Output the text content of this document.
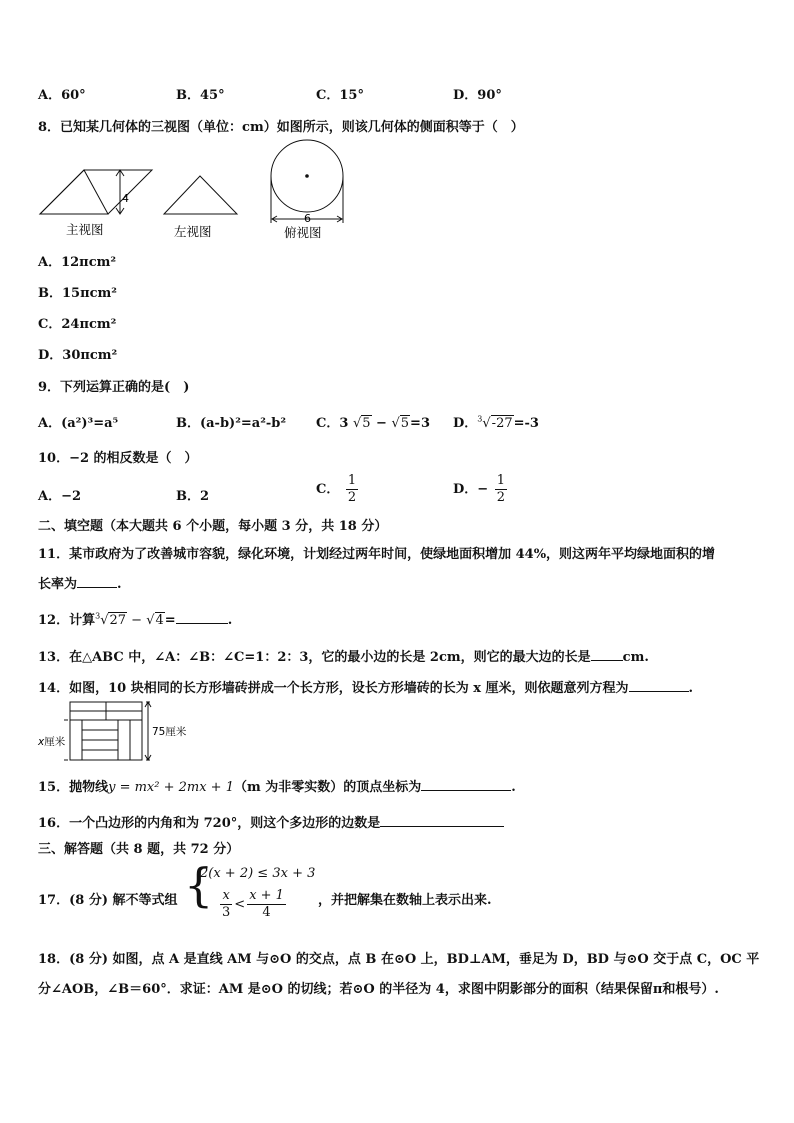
A．60°	B．45°	C．15°	D．90°
8．已知某几何体的三视图（单位：cm）如图所示，则该几何体的侧面积等于（　）
4
主视图	左视图
6
俯视图
A．12πcm²
B．15πcm²
C．24πcm²
D．30πcm²
9．下列运算正确的是(　)
A．(a²)³=a⁵	B．(a-b)²=a²-b² C．3 √5 − √5=3 D．$^3$√-27=-3
10．−2 的相反数是（　）
A．−2	B．2	C． $\frac{1}{2}$	D．− $\frac{1}{2}$
二、填空题（本大题共 6 个小题，每小题 3 分，共 18 分）
11．某市政府为了改善城市容貌，绿化环境，计划经过两年时间，使绿地面积增加 44%，则这两年平均绿地面积的增
长率为	.
12．计算$^3$√27 − √4=	.
13．在△ABC 中，∠A：∠B：∠C=1：2：3，它的最小边的长是 2cm，则它的最大边的长是 cm.
14．如图，10 块相同的长方形墙砖拼成一个长方形，设长方形墙砖的长为 x 厘米，则依题意列方程为	.
75厘米
x厘米
15．抛物线y = mx² + 2mx + 1（m 为非零实数）的顶点坐标为	.
16．一个凸边形的内角和为 720°，则这个多边形的边数是
三、解答题（共 8 题，共 72 分）
17．(8 分) 解不等式组 {
2(x + 2) ≤ 3x + 3
$\frac{x}{3} < \frac{x + 1}{4}$ ，并把解集在数轴上表示出来.
18．(8 分) 如图，点 A 是直线 AM 与⊙O 的交点，点 B 在⊙O 上，BD⊥AM，垂足为 D，BD 与⊙O 交于点 C，OC 平
分∠AOB，∠B＝60°．求证：AM 是⊙O 的切线；若⊙O 的半径为 4，求图中阴影部分的面积（结果保留π和根号）.
